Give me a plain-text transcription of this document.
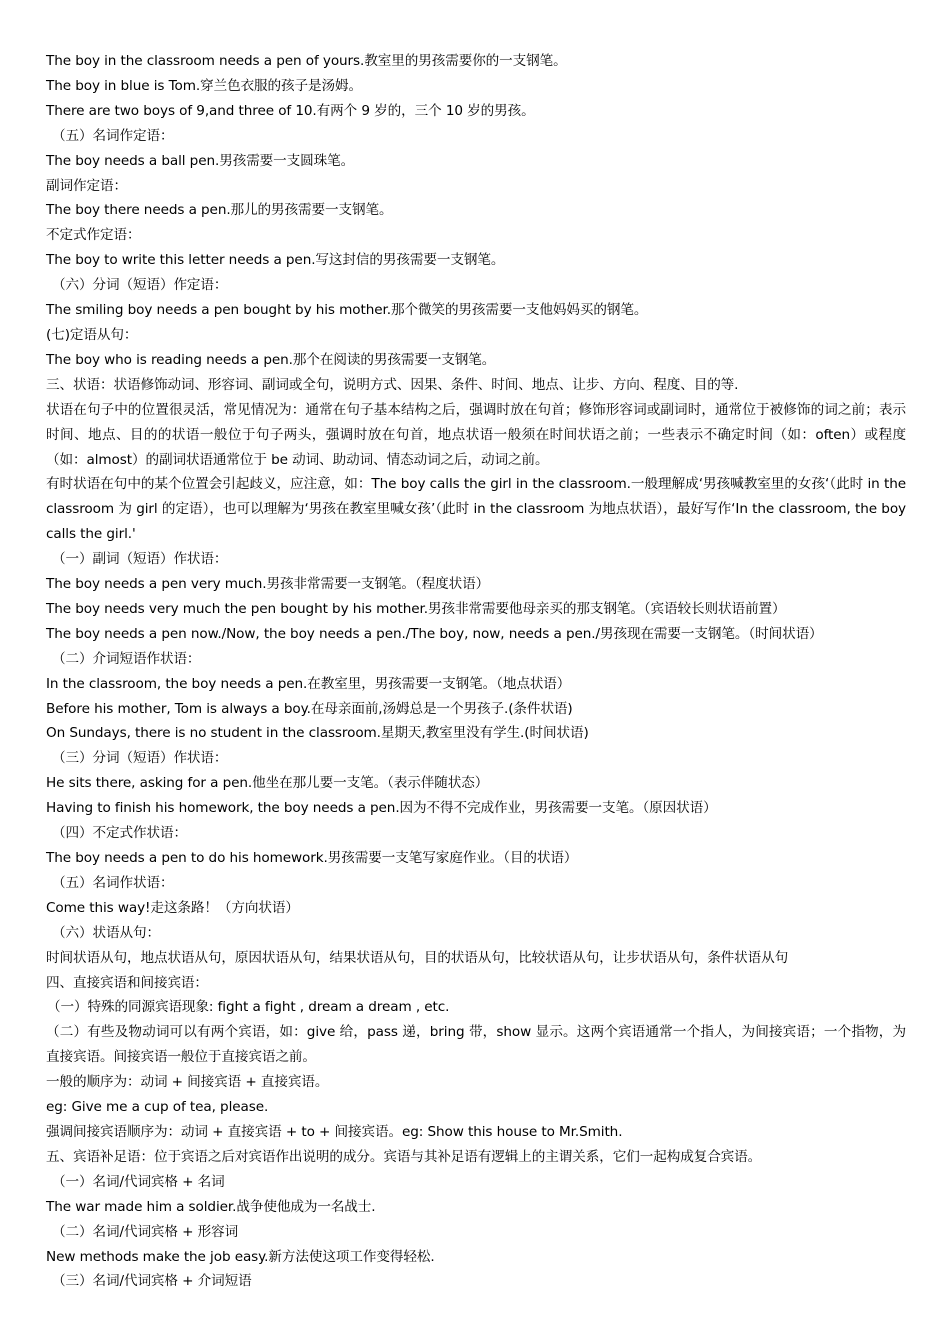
The boy in the classroom needs a pen of yours.教室里的男孩需要你的一支钢笔。
The boy in blue is Tom.穿兰色衣服的孩子是汤姆。
There are two boys of 9,and three of 10.有两个 9 岁的，三个 10 岁的男孩。
（五）名词作定语：
The boy needs a ball pen.男孩需要一支圆珠笔。
副词作定语：
The boy there needs a pen.那儿的男孩需要一支钢笔。
不定式作定语：
The boy to write this letter needs a pen.写这封信的男孩需要一支钢笔。
（六）分词（短语）作定语：
The smiling boy needs a pen bought by his mother.那个微笑的男孩需要一支他妈妈买的钢笔。
(七)定语从句：
The boy who is reading needs a pen.那个在阅读的男孩需要一支钢笔。
三、状语：状语修饰动词、形容词、副词或全句，说明方式、因果、条件、时间、地点、让步、方向、程度、目的等.
状语在句子中的位置很灵活，常见情况为：通常在句子基本结构之后，强调时放在句首；修饰形容词或副词时，通常位于被修饰的词之前；表示时间、地点、目的的状语一般位于句子两头，强调时放在句首，地点状语一般须在时间状语之前；一些表示不确定时间（如：often）或程度（如：almost）的副词状语通常位于 be 动词、助动词、情态动词之后，动词之前。
有时状语在句中的某个位置会引起歧义，应注意，如：The boy calls the girl in the classroom.一般理解成‘男孩喊教室里的女孩‘（此时 in the classroom 为 girl 的定语），也可以理解为‘男孩在教室里喊女孩’（此时 in the classroom 为地点状语），最好写作‘In the classroom, the boy calls the girl.'
（一）副词（短语）作状语：
The boy needs a pen very much.男孩非常需要一支钢笔。（程度状语）
The boy needs very much the pen bought by his mother.男孩非常需要他母亲买的那支钢笔。（宾语较长则状语前置）
The boy needs a pen now./Now, the boy needs a pen./The boy, now, needs a pen./男孩现在需要一支钢笔。（时间状语）
（二）介词短语作状语：
In the classroom, the boy needs a pen.在教室里，男孩需要一支钢笔。（地点状语）
Before his mother, Tom is always a boy.在母亲面前,汤姆总是一个男孩子.(条件状语)
On Sundays, there is no student in the classroom.星期天,教室里没有学生.(时间状语)
（三）分词（短语）作状语：
He sits there, asking for a pen.他坐在那儿要一支笔。（表示伴随状态）
Having to finish his homework, the boy needs a pen.因为不得不完成作业，男孩需要一支笔。（原因状语）
（四）不定式作状语：
The boy needs a pen to do his homework.男孩需要一支笔写家庭作业。（目的状语）
（五）名词作状语：
Come this way!走这条路！（方向状语）
（六）状语从句：
时间状语从句，地点状语从句，原因状语从句，结果状语从句，目的状语从句，比较状语从句，让步状语从句，条件状语从句
四、直接宾语和间接宾语：
（一）特殊的同源宾语现象: fight a fight , dream a dream , etc.
（二）有些及物动词可以有两个宾语，如：give 给，pass 递，bring 带，show 显示。这两个宾语通常一个指人，为间接宾语；一个指物，为直接宾语。间接宾语一般位于直接宾语之前。
一般的顺序为：动词 + 间接宾语 + 直接宾语。
eg: Give me a cup of tea, please.
强调间接宾语顺序为：动词 + 直接宾语 + to + 间接宾语。eg: Show this house to Mr.Smith.
五、宾语补足语：位于宾语之后对宾语作出说明的成分。宾语与其补足语有逻辑上的主谓关系，它们一起构成复合宾语。
（一）名词/代词宾格 + 名词
The war made him a soldier.战争使他成为一名战士.
（二）名词/代词宾格 + 形容词
New methods make the job easy.新方法使这项工作变得轻松.
（三）名词/代词宾格 + 介词短语
